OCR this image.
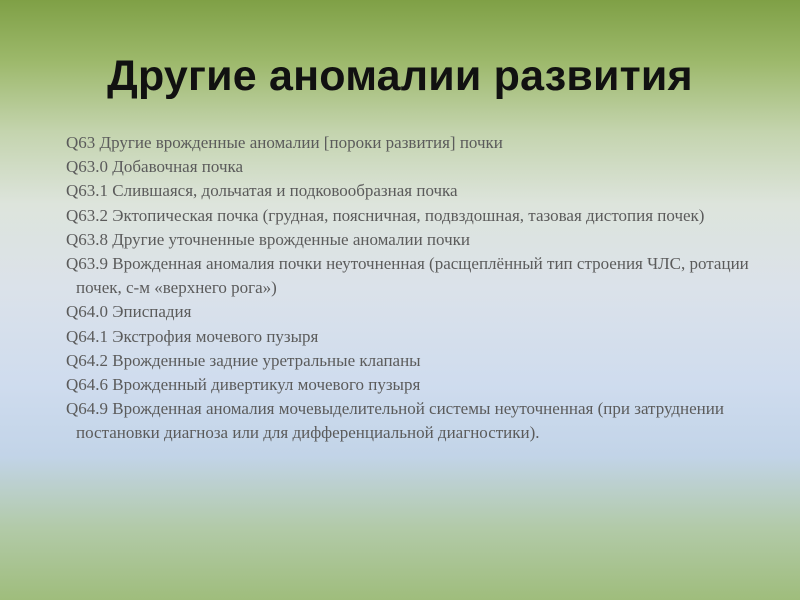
Другие аномалии развития
Q63 Другие врожденные аномалии [пороки развития] почки
Q63.0 Добавочная почка
Q63.1 Слившаяся, дольчатая и подковообразная почка
Q63.2 Эктопическая почка (грудная, поясничная, подвздошная, тазовая дистопия почек)
Q63.8 Другие уточненные врожденные аномалии почки
Q63.9 Врожденная аномалия почки неуточненная (расщеплённый тип строения ЧЛС, ротации почек, с-м «верхнего рога»)
Q64.0 Эписпадия
Q64.1 Экстрофия мочевого пузыря
Q64.2 Врожденные задние уретральные клапаны
Q64.6 Врожденный дивертикул мочевого пузыря
Q64.9 Врожденная аномалия мочевыделительной системы неуточненная (при затруднении постановки диагноза или для дифференциальной диагностики).
